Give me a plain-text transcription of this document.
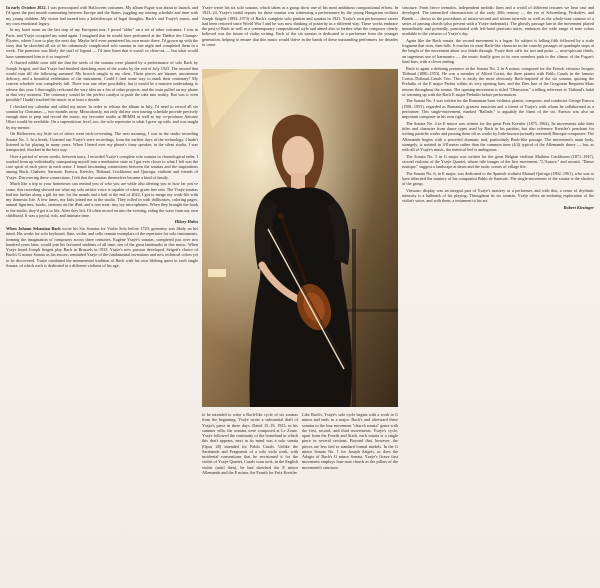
In early October 2022, I was preoccupied with Halloween costumes. My album Fugue was about to launch, and I'd spent the past month commuting between Europe and the States, juggling my touring schedule and time with my young children. My vision had turned into a kaleidoscope of fugal thoughts, Bach's and Ysaÿe's music, and my own emotional legacy.

In my hotel room on the last stop of my European tour, I posed "older" on a set of other costumes. I was in Paris, and Ysaÿe occupied my mind again. I imagined that he would have performed at the Théâtre des Champs-Élysées, where I was to play the next day. Maybe he'd even premiered his own music there. I'd grown up with the story that he sketched all six of his infamously complicated solo sonatas in one night and completed them in a week. The premiere was likely the stuff of legend — I'd later learn that it wasn't so clear-cut — but what would have summoned him to it so inspired?

A flurried nibble soon told me that the seeds of the sonatas were planted by a performance of solo Bach by Joseph Szigeti, and that Ysaÿe had finished sketching most of the works by the end of July 1923. The second that would turn till the following summer! My brooch caught in my chest. These pieces are bizarre, uncommon delicacy, and a beautiful celebration of the instrument. Could I find some way to mark their centenary? My concert schedule was completely full. There was one other possibility, but it would be a massive undertaking to release this year. I thoroughly reckoned the very idea on a list of other projects, and the train pulled on my phone at that very moment. The centenary would be the perfect catalyst to push the idea into reality. But was it even possible? I hadn't touched the music in at least a decade.

I checked my calendar and called my mom. In order to release the album in July, I'd need to record all six sonatas by Christmas — two months away. Miraculously, not only did my own touring schedule provide precisely enough time to prep and record the music, my favourite studio at BEMM as well as my co-producer Antonio Oliart would be available. On a superstitious level, too, the solo repertoire is what I grew up with, and was taught by my mentor.

On Halloween, my little set of sitters went trick-or-treating. The next morning, I was in the studio recording Sonata No. 1. In a break, I learned our Ysaÿe's were recordings, from the earliest days of the technology. I hadn't listened to his playing in many years. When I heard over my phone's tinny speaker, in the silent studio, I was transported, shocked in the best way.

Over a period of seven weeks, between tours, I recorded Ysaÿe's complete solo sonatas in chronological order. I worked from up individually, transporting myself into a meditative state as I got ever closer to what I felt was the core spirit of each piece in each sense. I found fascinating connections between the sonatas and the inspirations among Bach, Chabrier, Sarasate, Enescu, Kreisler, Thibaud, Crickboom and Quiroga, violinist and friends of Ysaÿe. Discovering these connections, I felt that the sonatas themselves became a kind of family.

Much like a trip to your hometown can remind you of who you are while also alerting you to how far you've come, this recording showed me what my solo artistic voice is capable of when given free rein. The Ysaÿe sonatas had me further along a gift for me: for the month and a half at the end of 2022, I got to merge my work-life with my domestic life. A few times, my kids joined me at the studio. They rolled in with dollhouses, coloring pages, animal figurines, books, cartoons on the iPad, and a rare treat: tiny toy microphones. When they brought the book to the studio, they'd get it to life. After they left, I'd often record on into the evening, riding the wave from my own childhood. It was a joyful, rich, and intimate time.

Hilary Hahn

When Johann Sebastian Bach wrote his Six Sonatas for Violin Solo before 1720, geometry was likely on his mind. His works for solo keyboard, flute, violin, and cello remain exemplars of the repertoire for solo instruments, forming the imagination of composers across three centuries. Eugène Ysaÿe's sonatas, completed just over two hundred years later, would join his favoured students of all time, one of the great landmarks in this music. When Ysaÿe heard Joseph Szigeti play Bach in Brussels in 1923, Ysaÿe's new passion developed. Szigeti's choice of Bach's G minor Sonata as his encore, reminded Ysaÿe of the fundamental inventions and new technical colors yet to be discovered. Ysaÿe combined the monumental tradition of Bach with his own lifelong quest in each single Sonata, of which each is dedicated to a different violinist of his age.

Ysaÿe wrote his six solo sonatas, which taken as a group show one of his most ambitious compositional efforts. In 1923–24, Ysaÿe's initial reports for these sonatas was witnessing a performance by the young Hungarian violinist Joseph Szigeti (1892–1973) of Bach's complete solo partitas and sonatas in 1923. Ysaÿe's own performance career had been restored since World War I and he was now thinking of posterity in a different way. These works embrace the past of Bach as well as a contemporary compositional style and aimed also to further what the composer clearly believed was the future of violin writing. Each of the six sonatas is dedicated to a performer from the younger generation, helping to ensure that this music would thrive in the hands of these outstanding performers for decades to come.

to be intended to write a Bach-like cycle of six sonatas from the beginning. Ysaÿe wrote a substantial draft of Ysaÿe's piece in three days. Dated 15–19, 1923, in his summer villa, the sonatas were composed at Le Zoute. Ysaÿe followed the continuity of the homeland in which this draft appears, next in its mind was a solo sonata (Opus 28) intended for Pablo Casals. Unlike the Sarabande and Fragments of a solo viola work, with incidental conventions that he envisioned it for the violist of Ysaÿe Quartet, Casals soon took, in the English violist (until then), he had sketched the E minor Allemande and the E minor, the Fourth for Fritz Kreisler.

Like Bach's, Ysaÿe's solo cycle begins with a work in G minor and ends in a major. Bach's and afterward these sonatas to the four movement "church sonata" genre with the first, second, and third movements. Ysaÿe's cycle, apart from the Fourth and Sixth, each sonata is a single piece in several sections. Beyond that, however, the pieces are less tied to standard formal models. In the G minor Sonata No. 1 for Joseph Szigeti, as does the Adagio of Bach's G minor Sonata, Ysaÿe's Grave first movement employs four-note chords as the pillars of the movement's structure.

structure. From fierce tremolos, independent melodic lines and a world of different textures we hear cast and developed. The intensified chromaticism of the early 20th century — the era of Schoenberg, Prokofiev, and Bartók — shows in the procedures of minor-second and tritone intervals as well as the whole-tone contour of a series of passing chords (also present with a Ysaÿe trademark). The ghostly passage late in the movement played immediately and pointedly, punctuated with left-hand pizzicato notes, embraces the wide range of tone colors available to the virtuoso of Ysaÿe's day.

Again like the Bach sonata, the second movement is a fugue. Its subject is falling fifth followed by a scale fragment that rises, then falls. It touches its most Bach-like character in the crunchy passages of quadruple stops at the height of the movement about two thirds through. Ysaÿe then calls for tact and poise — near-spiccato thirds, an ingenious use of harmonics — the music finally goes to its own seamless path to the climax of the Fugue's final bars, with a clever ending.

Bach is again a defining presence in the Sonata No. 2 in A minor, composed for the French virtuoso Jacques Thibaud (1880–1953). He was a member of Alfred Cortot, the three pianist with Pablo Casals in the famous Cortot–Thibaud–Casals Trio. This is easily the most obviously Bach-inspired of the six sonatas, quoting the Preludio of the E major Partita within its very opening bars, and the Dies Irae of the Gregorian Requiem Mass returns throughout the sonata. The opening movement is titled "Obsession," a telling reference to Thibaud's habit of warming up with the Bach E major Preludio before performances.

The Sonata No. 3 was written for the Romanian-born violinist, pianist, composer, and conductor George Enescu (1881–1955), regarded as Romania's greatest musician and a friend of Ysaÿe's with whom he collaborated as a performer. This single-movement, marked "Ballade," is arguably the finest of the six. Enescu was also an important composer in his own right.

The Sonata No. 4 in E minor was written for the great Fritz Kreisler (1875–1962). Its movements take their titles and character from dance types used by Bach in his partitas, but also reference Kreisler's penchant for writing pastiche works and passing them off as works by little-known (actually invented) Baroque composers. The Allemande begins with a powerful dramatic nod, particularly Bach-like passage. The movement's main body, strangely, is notated in 3/8 meter rather than the common time (4/4) typical of the Allemande dance — but, as with all of Ysaÿe's music, the metrical feel is ambiguous.

The Sonata No. 5 in G major was written for the great Belgian violinist Mathieu Crickboom (1871–1947), second violinist of the Ysaÿe Quartet, whose title images of the first movement, "L'Aurore," and second, "Danse rustique," suggest a landscape at dawn and the rustic scenes of village life.

The Sonata No. 6, in E major, was dedicated to the Spanish violinist Manuel Quiroga (1892–1961), who was to have inherited the mastery of his compatriot Pablo de Sarasate. The single-movement of the sonata is the shortest of the group.

Virtuosic display was an integral part of Ysaÿe's mastery as a performer, and with this, a sense of rhythmic intensity is a hallmark of his playing. Throughout its six sonatas, Ysaÿe offers an enduring exploration of the violin's voice, and with them, a testament to his art.

Robert Kirzinger
